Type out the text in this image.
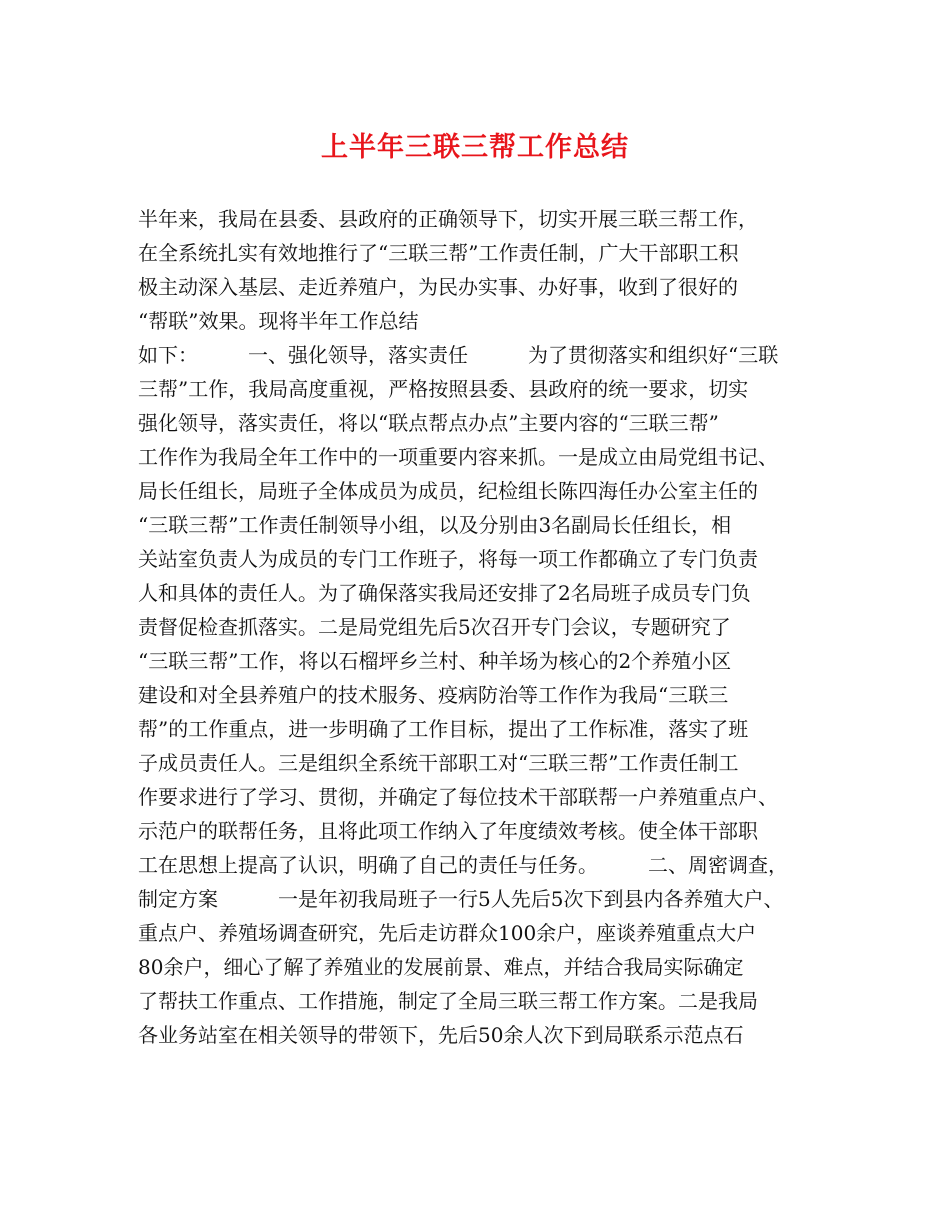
上半年三联三帮工作总结
半年来，我局在县委、县政府的正确领导下，切实开展三联三帮工作，
在全系统扎实有效地推行了“三联三帮”工作责任制，广大干部职工积
极主动深入基层、走近养殖户，为民办实事、办好事，收到了很好的
“帮联”效果。现将半年工作总结
如下：　　　一、强化领导，落实责任　　　为了贯彻落实和组织好“三联
三帮”工作，我局高度重视，严格按照县委、县政府的统一要求，切实
强化领导，落实责任，将以“联点帮点办点”主要内容的“三联三帮”
工作作为我局全年工作中的一项重要内容来抓。一是成立由局党组书记、
局长任组长，局班子全体成员为成员，纪检组长陈四海任办公室主任的
“三联三帮”工作责任制领导小组，以及分别由3名副局长任组长，相
关站室负责人为成员的专门工作班子，将每一项工作都确立了专门负责
人和具体的责任人。为了确保落实我局还安排了2名局班子成员专门负
责督促检查抓落实。二是局党组先后5次召开专门会议，专题研究了
“三联三帮”工作，将以石榴坪乡兰村、种羊场为核心的2个养殖小区
建设和对全县养殖户的技术服务、疫病防治等工作作为我局“三联三
帮”的工作重点，进一步明确了工作目标，提出了工作标准，落实了班
子成员责任人。三是组织全系统干部职工对“三联三帮”工作责任制工
作要求进行了学习、贯彻，并确定了每位技术干部联帮一户养殖重点户、
示范户的联帮任务，且将此项工作纳入了年度绩效考核。使全体干部职
工在思想上提高了认识，明确了自己的责任与任务。　　　二、周密调查，
制定方案　　　一是年初我局班子一行5人先后5次下到县内各养殖大户、
重点户、养殖场调查研究，先后走访群众100余户，座谈养殖重点大户
80余户，细心了解了养殖业的发展前景、难点，并结合我局实际确定
了帮扶工作重点、工作措施，制定了全局三联三帮工作方案。二是我局
各业务站室在相关领导的带领下，先后50余人次下到局联系示范点石
